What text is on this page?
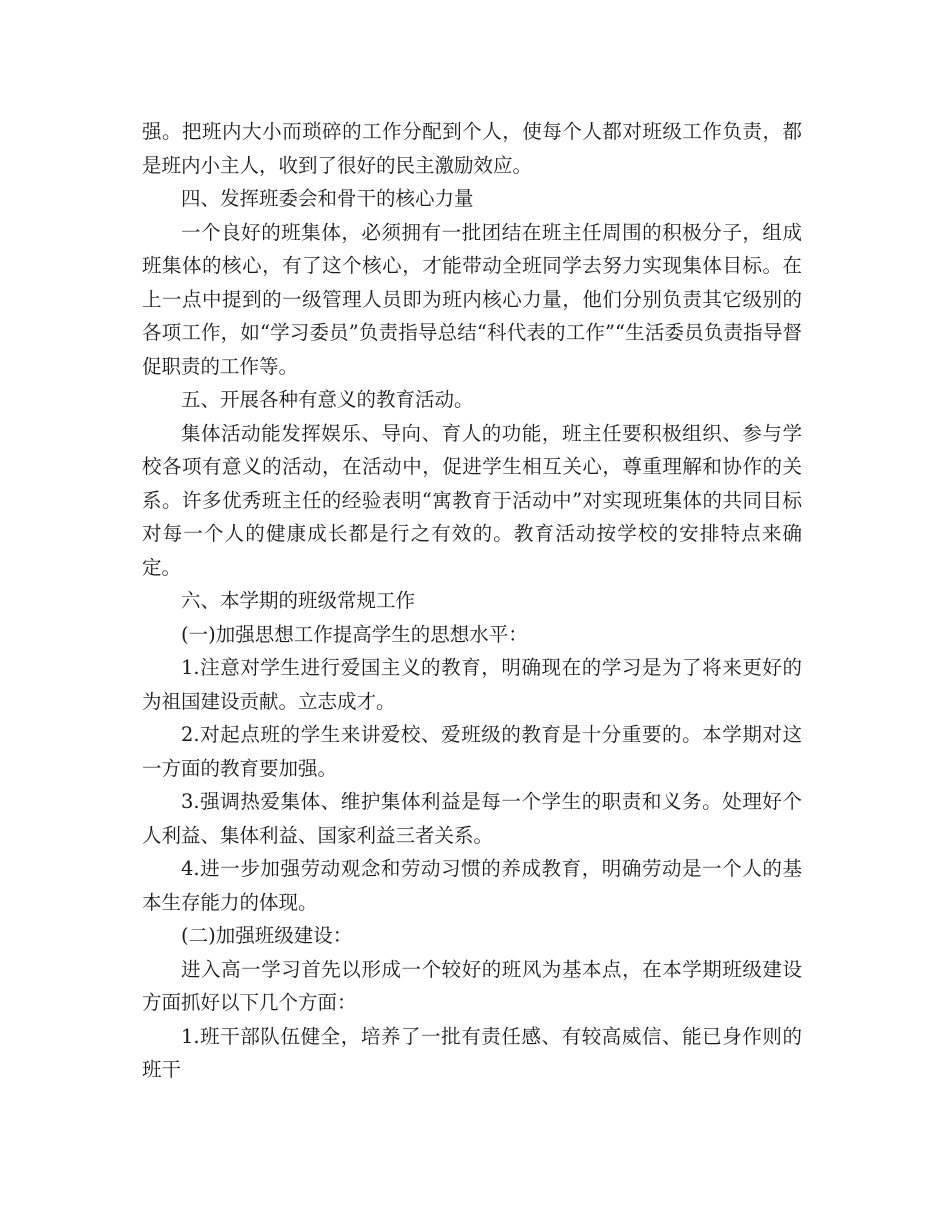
强。把班内大小而琐碎的工作分配到个人，使每个人都对班级工作负责，都是班内小主人，收到了很好的民主激励效应。

四、发挥班委会和骨干的核心力量

一个良好的班集体，必须拥有一批团结在班主任周围的积极分子，组成班集体的核心，有了这个核心，才能带动全班同学去努力实现集体目标。在上一点中提到的一级管理人员即为班内核心力量，他们分别负责其它级别的各项工作，如“学习委员”负责指导总结“科代表的工作”“生活委员负责指导督促职责的工作等。

五、开展各种有意义的教育活动。

集体活动能发挥娱乐、导向、育人的功能，班主任要积极组织、参与学校各项有意义的活动，在活动中，促进学生相互关心，尊重理解和协作的关系。许多优秀班主任的经验表明“寓教育于活动中”对实现班集体的共同目标对每一个人的健康成长都是行之有效的。教育活动按学校的安排特点来确定。

六、本学期的班级常规工作

(一)加强思想工作提高学生的思想水平：

1.注意对学生进行爱国主义的教育，明确现在的学习是为了将来更好的为祖国建设贡献。立志成才。

2.对起点班的学生来讲爱校、爱班级的教育是十分重要的。本学期对这一方面的教育要加强。

3.强调热爱集体、维护集体利益是每一个学生的职责和义务。处理好个人利益、集体利益、国家利益三者关系。

4.进一步加强劳动观念和劳动习惯的养成教育，明确劳动是一个人的基本生存能力的体现。

(二)加强班级建设：

进入高一学习首先以形成一个较好的班风为基本点，在本学期班级建设方面抓好以下几个方面：

1.班干部队伍健全，培养了一批有责任感、有较高威信、能已身作则的班干
